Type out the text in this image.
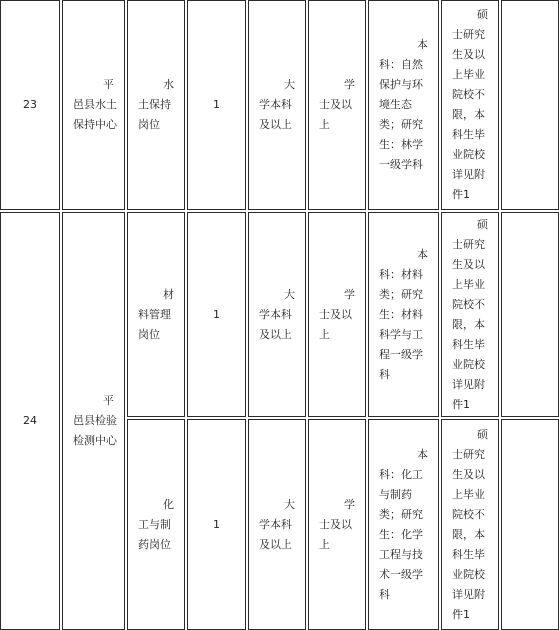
23
平
邑县水土
保持中心
水
土保持
岗位
1
大
学本科
及以上
学
士及以
上
本
科：自然
保护与环
境生态
类；研究
生：林学
一级学科
硕
士研究
生及以
上毕业
院校不
限，本
科生毕
业院校
详见附
件1
24
平
邑县检验
检测中心
材
料管理
岗位
1
大
学本科
及以上
学
士及以
上
本
科：材料
类；研究
生：材料
科学与工
程一级学
科
硕
士研究
生及以
上毕业
院校不
限，本
科生毕
业院校
详见附
件1
化
工与制
药岗位
1
大
学本科
及以上
学
士及以
上
本
科：化工
与制药
类；研究
生：化学
工程与技
术一级学
科
硕
士研究
生及以
上毕业
院校不
限，本
科生毕
业院校
详见附
件1
